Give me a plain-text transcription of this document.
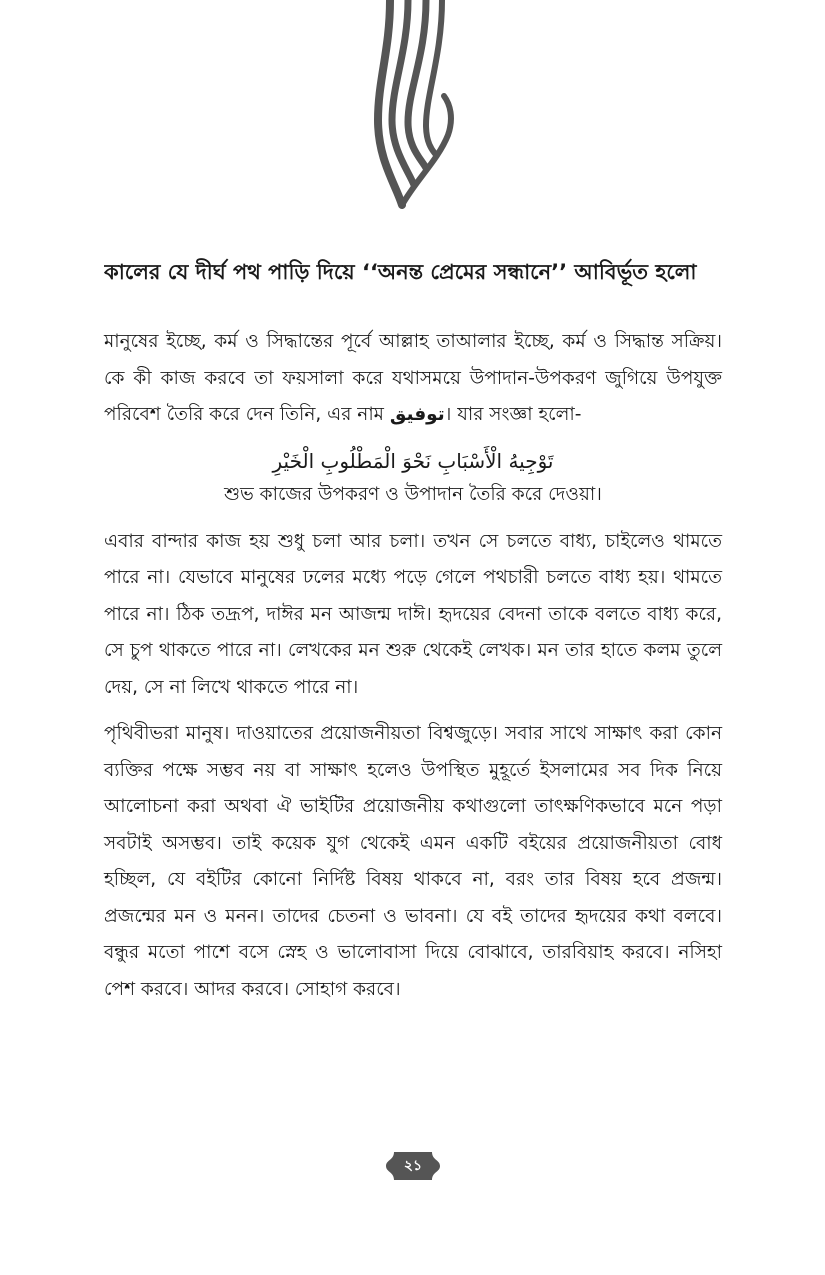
কালের যে দীর্ঘ পথ পাড়ি দিয়ে ‘‘অনন্ত প্রেমের সন্ধানে’’ আবির্ভূত হলো

মানুষের ইচ্ছে, কর্ম ও সিদ্ধান্তের পূর্বে আল্লাহ তাআলার ইচ্ছে, কর্ম ও সিদ্ধান্ত সক্রিয়। কে কী কাজ করবে তা ফয়সালা করে যথাসময়ে উপাদান-উপকরণ জুগিয়ে উপযুক্ত পরিবেশ তৈরি করে দেন তিনি, এর নাম توفيق। যার সংজ্ঞা হলো-

تَوْجِيهُ الْأَسْبَابِ نَحْوَ الْمَطْلُوبِ الْخَيْرِ

শুভ কাজের উপকরণ ও উপাদান তৈরি করে দেওয়া।

এবার বান্দার কাজ হয় শুধু চলা আর চলা। তখন সে চলতে বাধ্য, চাইলেও থামতে পারে না। যেভাবে মানুষের ঢলের মধ্যে পড়ে গেলে পথচারী চলতে বাধ্য হয়। থামতে পারে না। ঠিক তদ্রূপ, দাঈর মন আজন্ম দাঈ। হৃদয়ের বেদনা তাকে বলতে বাধ্য করে, সে চুপ থাকতে পারে না। লেখকের মন শুরু থেকেই লেখক। মন তার হাতে কলম তুলে দেয়, সে না লিখে থাকতে পারে না।

পৃথিবীভরা মানুষ। দাওয়াতের প্রয়োজনীয়তা বিশ্বজুড়ে। সবার সাথে সাক্ষাৎ করা কোন ব্যক্তির পক্ষে সম্ভব নয় বা সাক্ষাৎ হলেও উপস্থিত মুহূর্তে ইসলামের সব দিক নিয়ে আলোচনা করা অথবা ঐ ভাইটির প্রয়োজনীয় কথাগুলো তাৎক্ষণিকভাবে মনে পড়া সবটাই অসম্ভব। তাই কয়েক যুগ থেকেই এমন একটি বইয়ের প্রয়োজনীয়তা বোধ হচ্ছিল, যে বইটির কোনো নির্দিষ্ট বিষয় থাকবে না, বরং তার বিষয় হবে প্রজন্ম। প্রজন্মের মন ও মনন। তাদের চেতনা ও ভাবনা। যে বই তাদের হৃদয়ের কথা বলবে। বন্ধুর মতো পাশে বসে স্নেহ ও ভালোবাসা দিয়ে বোঝাবে, তারবিয়াহ করবে। নসিহা পেশ করবে। আদর করবে। সোহাগ করবে।

২১
